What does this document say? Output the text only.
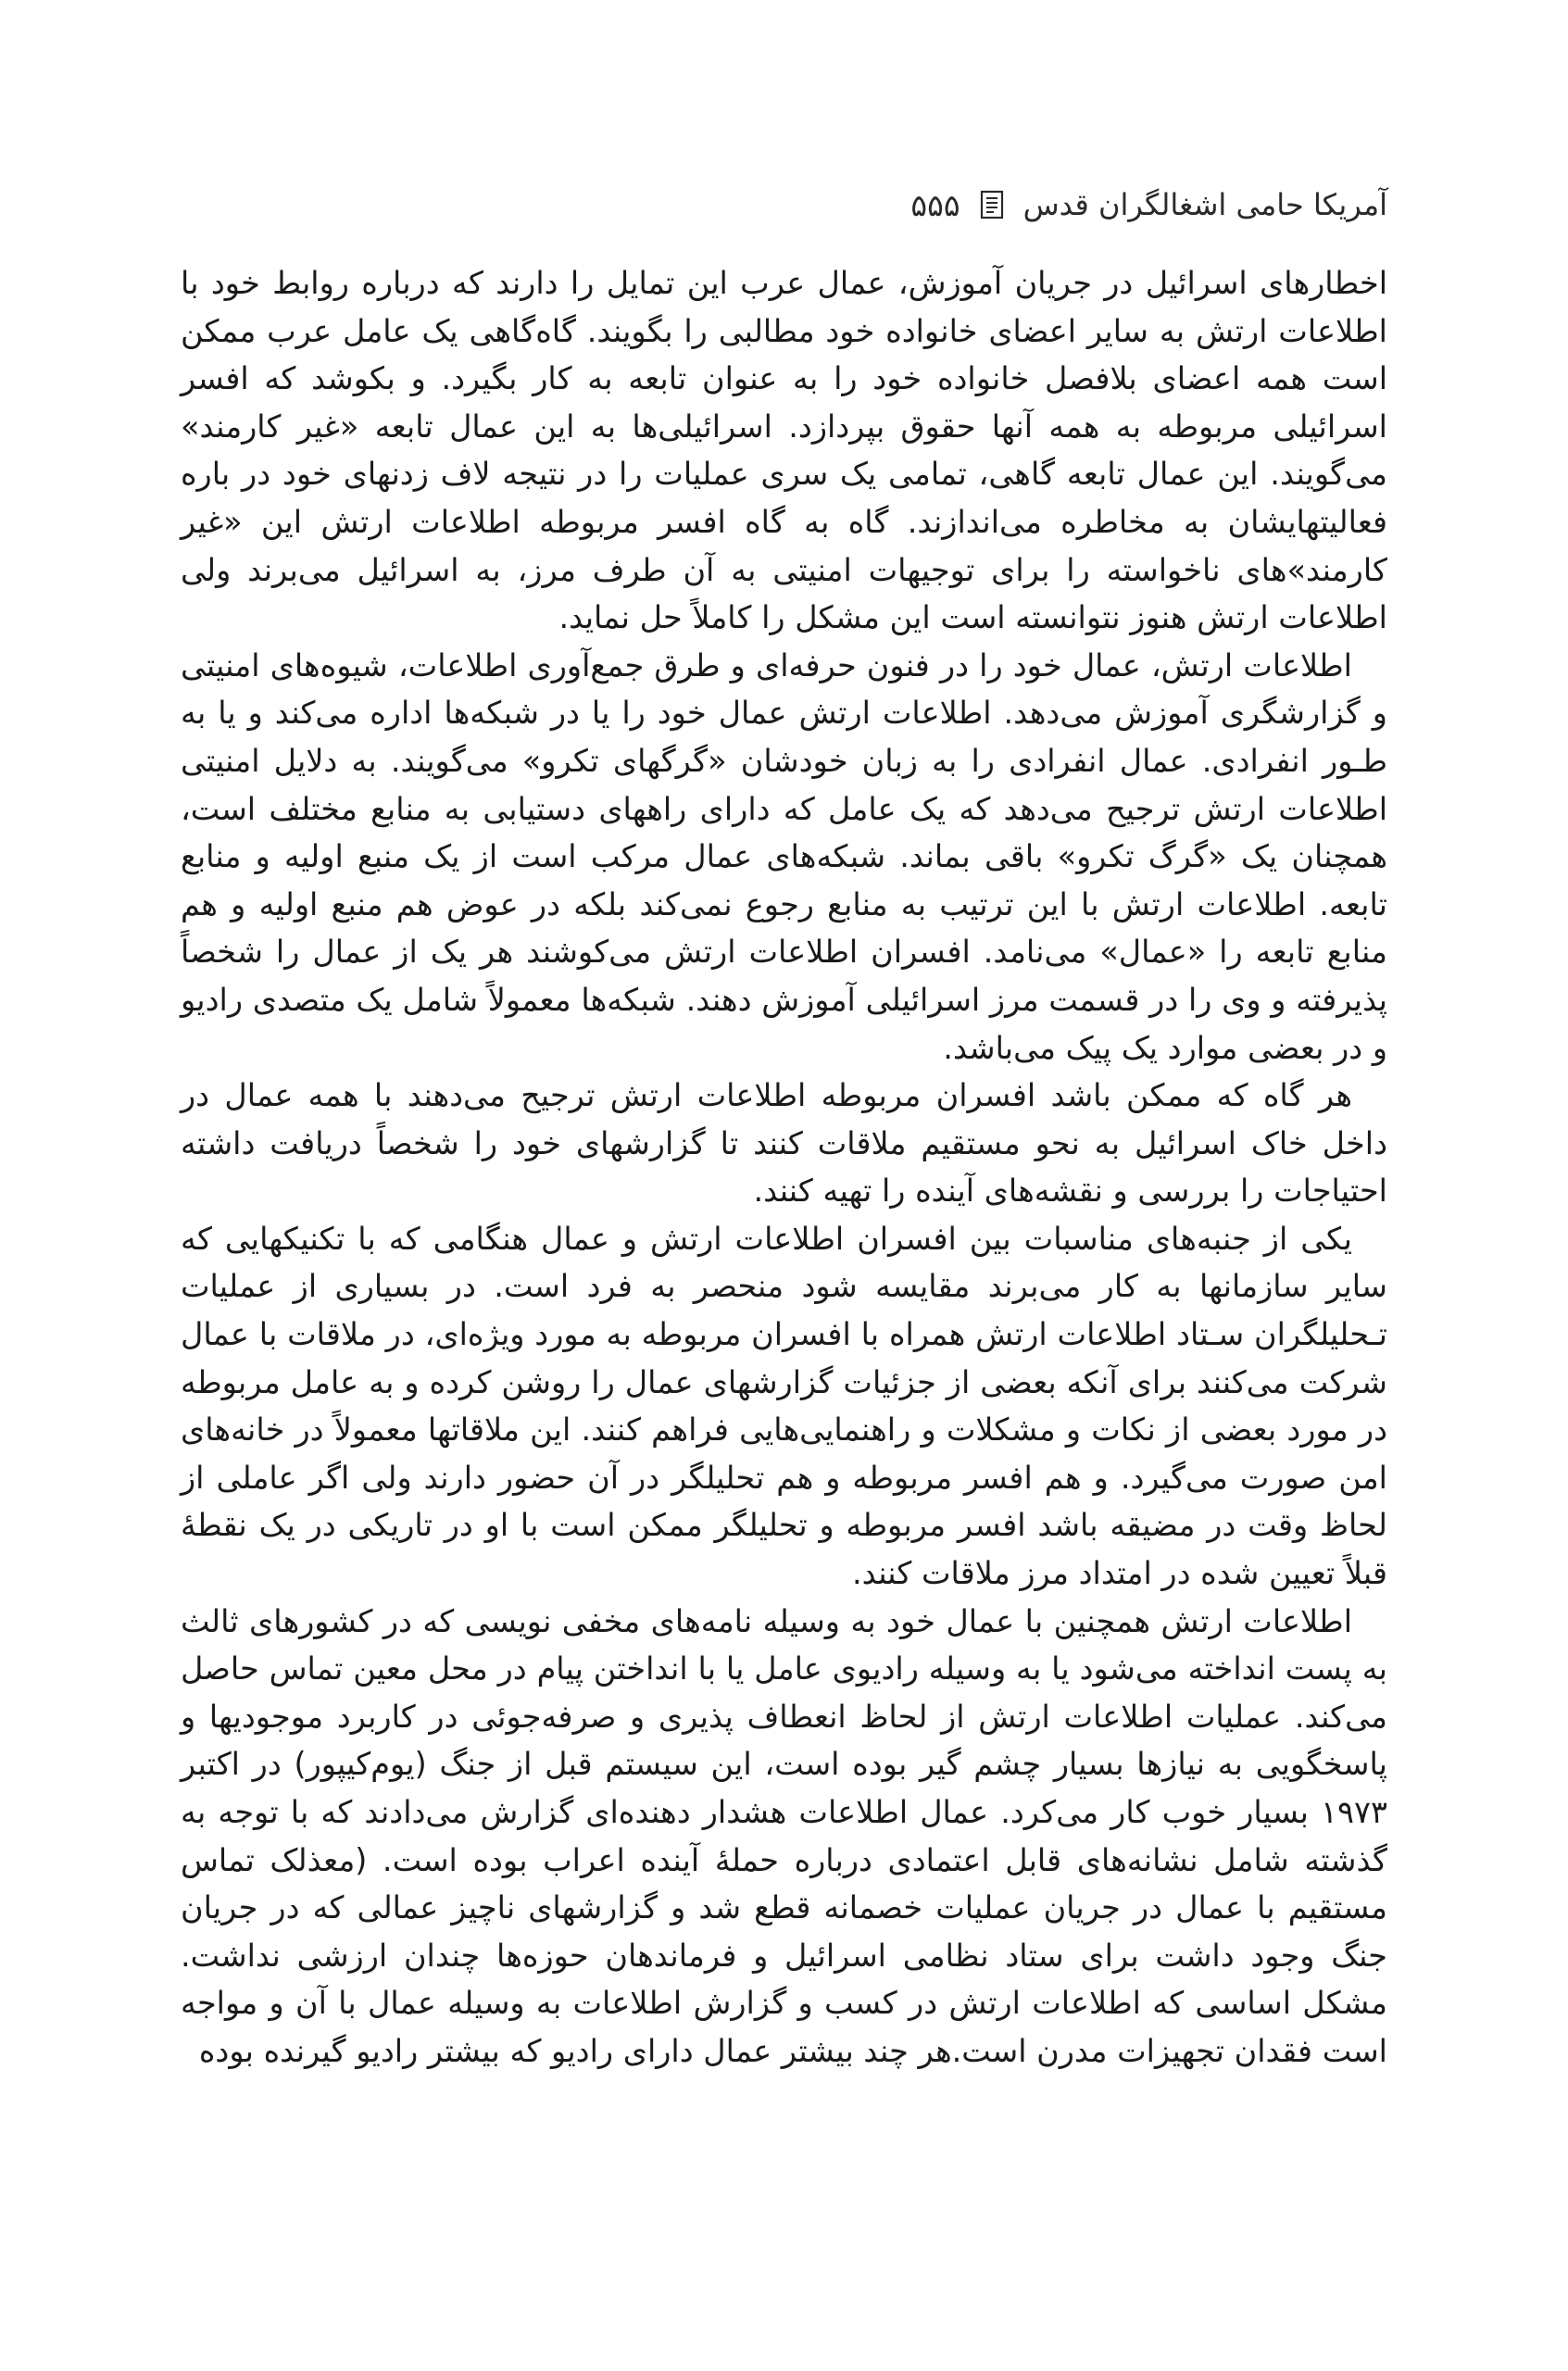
آمریکا حامی اشغالگران قدس
۵۵۵

اخطارهای اسرائیل در جریان آموزش، عمال عرب این تمایل را دارند که درباره روابط خود با اطلاعات ارتش به سایر اعضای خانواده خود مطالبی را بگویند. گاه‌گاهی یک عامل عرب ممکن است همه اعضای بلافصل خانواده خود را به عنوان تابعه به کار بگیرد. و بکوشد که افسر اسرائیلی مربوطه به همه آنها حقوق بپردازد. اسرائیلی‌ها به این عمال تابعه «غیر کارمند» می‌گویند. این عمال تابعه گاهی، تمامی یک سری عملیات را در نتیجه لاف زدنهای خود در باره فعالیتهایشان به مخاطره می‌اندازند. گاه به گاه افسر مربوطه اطلاعات ارتش این «غیر کارمند»های ناخواسته را برای توجیهات امنیتی به آن طرف مرز، به اسرائیل می‌برند ولی اطلاعات ارتش هنوز نتوانسته است این مشکل را کاملاً حل نماید.

اطلاعات ارتش، عمال خود را در فنون حرفه‌ای و طرق جمع‌آوری اطلاعات، شیوه‌های امنیتی و گزارشگری آموزش می‌دهد. اطلاعات ارتش عمال خود را یا در شبکه‌ها اداره می‌کند و یا به طـور انفرادی. عمال انفرادی را به زبان خودشان «گرگهای تکرو» می‌گویند. به دلایل امنیتی اطلاعات ارتش ترجیح می‌دهد که یک عامل که دارای راههای دستیابی به منابع مختلف است، همچنان یک «گرگ تکرو» باقی بماند. شبکه‌های عمال مرکب است از یک منبع اولیه و منابع تابعه. اطلاعات ارتش با این ترتیب به منابع رجوع نمی‌کند بلکه در عوض هم منبع اولیه و هم منابع تابعه را «عمال» می‌نامد. افسران اطلاعات ارتش می‌کوشند هر یک از عمال را شخصاً پذیرفته و وی را در قسمت مرز اسرائیلی آموزش دهند. شبکه‌ها معمولاً شامل یک متصدی رادیو و در بعضی موارد یک پیک می‌باشد.

هر گاه که ممکن باشد افسران مربوطه اطلاعات ارتش ترجیح می‌دهند با همه عمال در داخل خاک اسرائیل به نحو مستقیم ملاقات کنند تا گزارشهای خود را شخصاً دریافت داشته احتیاجات را بررسی و نقشه‌های آینده را تهیه کنند.

یکی از جنبه‌های مناسبات بین افسران اطلاعات ارتش و عمال هنگامی که با تکنیکهایی که سایر سازمانها به کار می‌برند مقایسه شود منحصر به فرد است. در بسیاری از عملیات تـحلیلگران سـتاد اطلاعات ارتش همراه با افسران مربوطه به مورد ویژه‌ای، در ملاقات با عمال شرکت می‌کنند برای آنکه بعضی از جزئیات گزارشهای عمال را روشن کرده و به عامل مربوطه در مورد بعضی از نکات و مشکلات و راهنمایی‌هایی فراهم کنند. این ملاقاتها معمولاً در خانه‌های امن صورت می‌گیرد. و هم افسر مربوطه و هم تحلیلگر در آن حضور دارند ولی اگر عاملی از لحاظ وقت در مضیقه باشد افسر مربوطه و تحلیلگر ممکن است با او در تاریکی در یک نقطهٔ قبلاً تعیین شده در امتداد مرز ملاقات کنند.

اطلاعات ارتش همچنین با عمال خود به وسیله نامه‌های مخفی نویسی که در کشورهای ثالث به پست انداخته می‌شود یا به وسیله رادیوی عامل یا با انداختن پیام در محل معین تماس حاصل می‌کند. عملیات اطلاعات ارتش از لحاظ انعطاف پذیری و صرفه‌جوئی در کاربرد موجودیها و پاسخگویی به نیازها بسیار چشم گیر بوده است، این سیستم قبل از جنگ (یوم‌کیپور) در اکتبر ۱۹۷۳ بسیار خوب کار می‌کرد. عمال اطلاعات هشدار دهنده‌ای گزارش می‌دادند که با توجه به گذشته شامل نشانه‌های قابل اعتمادی درباره حملهٔ آینده اعراب بوده است. (معذلک تماس مستقیم با عمال در جریان عملیات خصمانه قطع شد و گزارشهای ناچیز عمالی که در جریان جنگ وجود داشت برای ستاد نظامی اسرائیل و فرماندهان حوزه‌ها چندان ارزشی نداشت. مشکل اساسی که اطلاعات ارتش در کسب و گزارش اطلاعات به وسیله عمال با آن و مواجه است فقدان تجهیزات مدرن است.هر چند بیشتر عمال دارای رادیو که بیشتر رادیو گیرنده بوده
